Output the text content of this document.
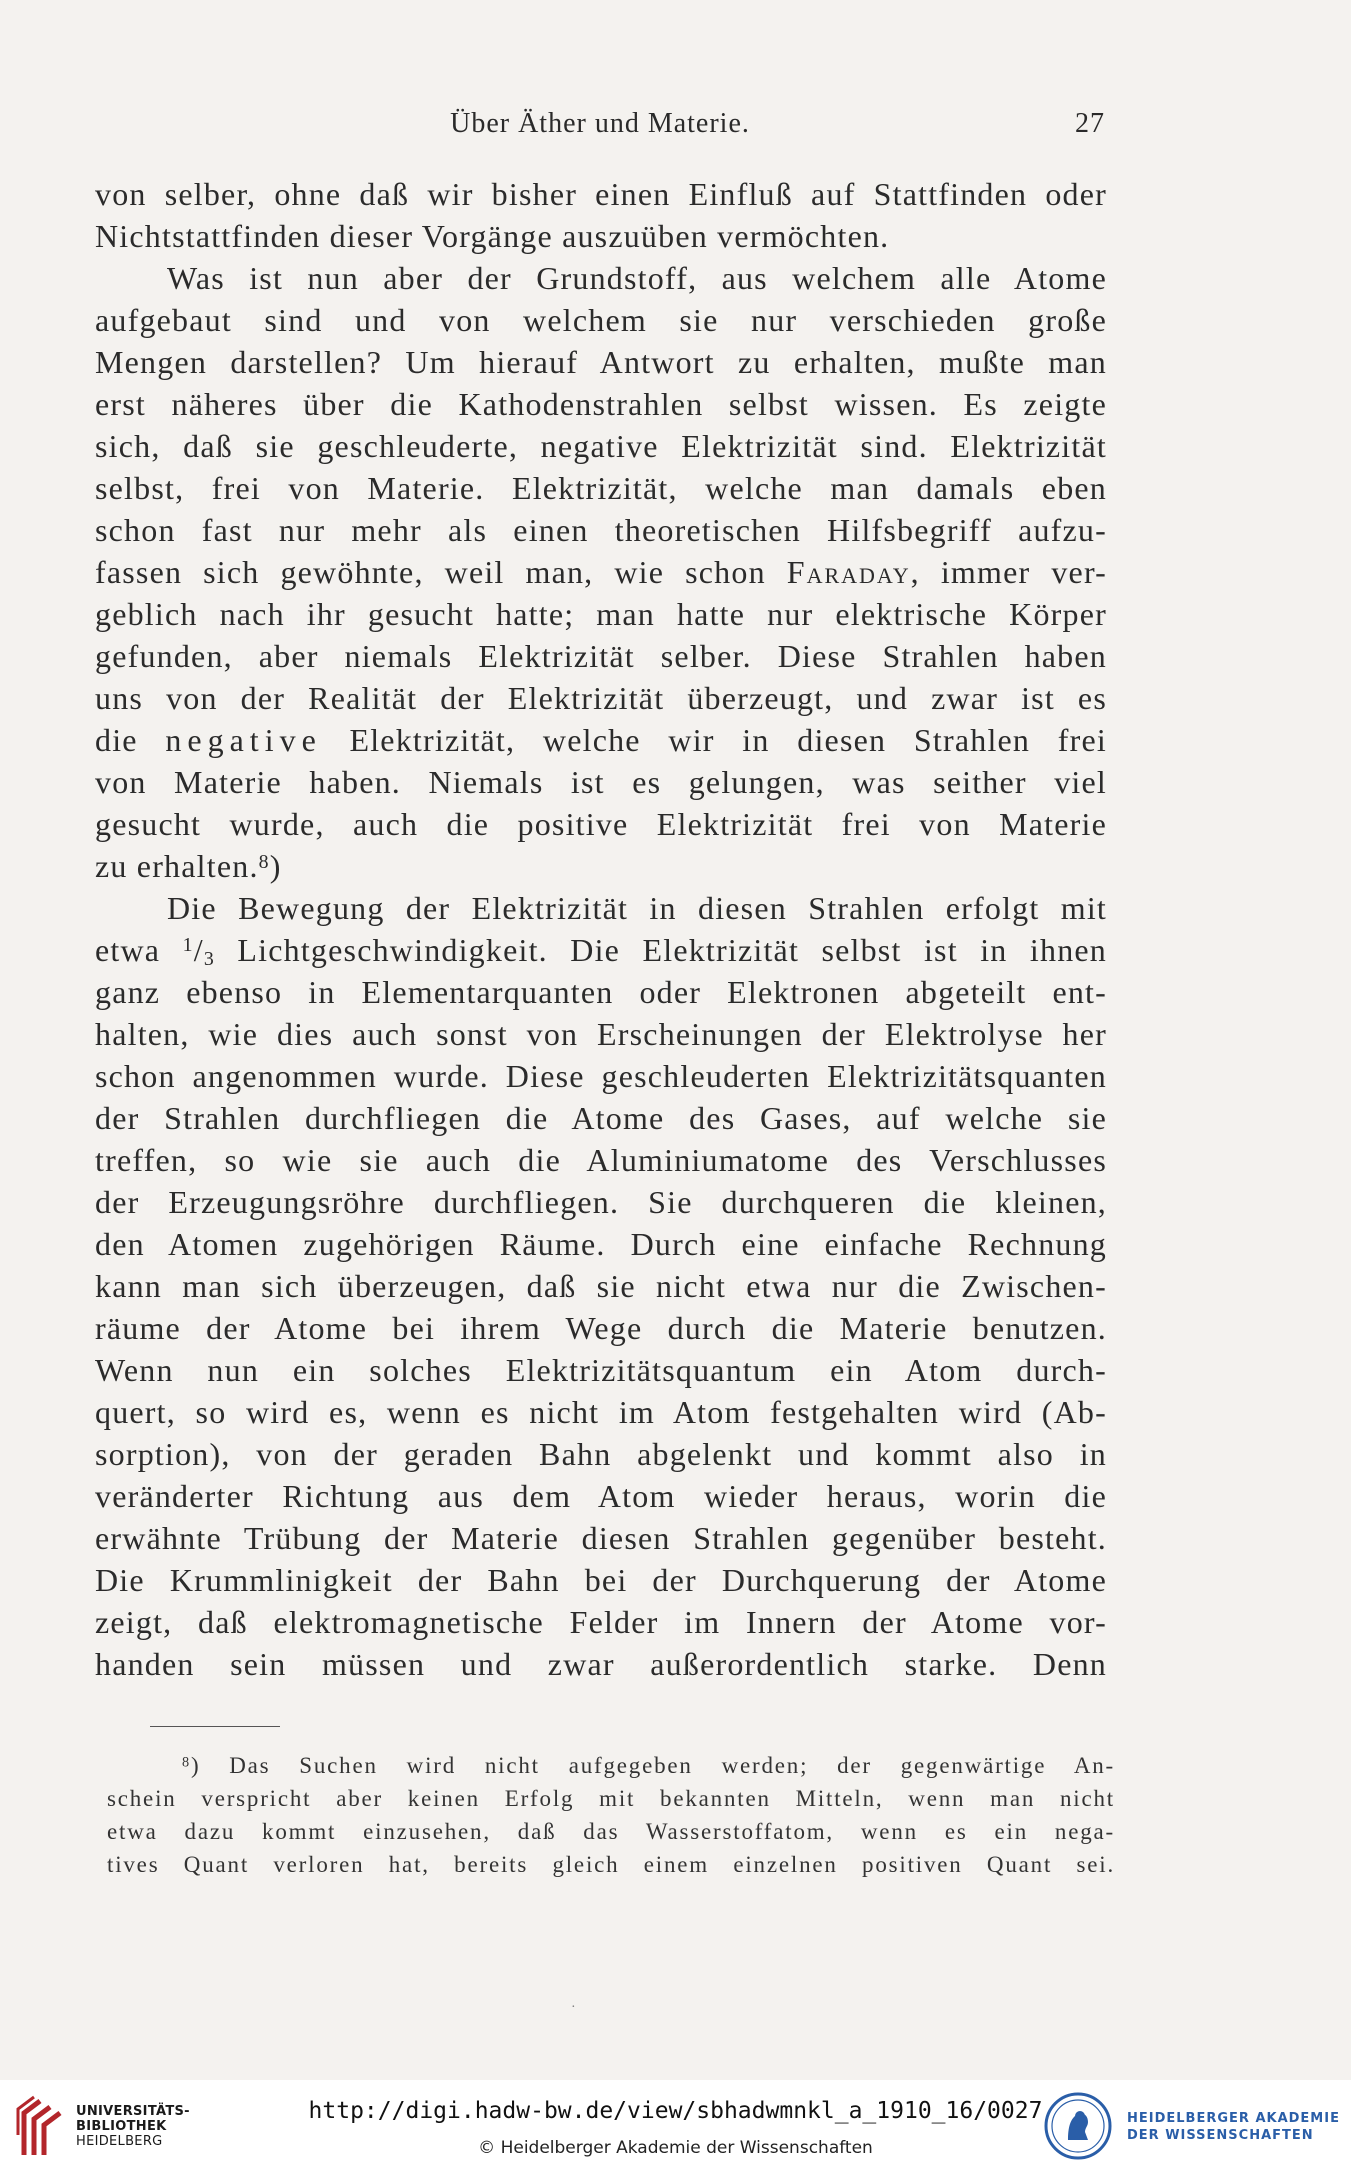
Über Äther und Materie.	27
von selber, ohne daß wir bisher einen Einfluß auf Stattfinden oder
Nichtstattfinden dieser Vorgänge auszuüben vermöchten.
Was ist nun aber der Grundstoff, aus welchem alle Atome
aufgebaut sind und von welchem sie nur verschieden große
Mengen darstellen? Um hierauf Antwort zu erhalten, mußte man
erst näheres über die Kathodenstrahlen selbst wissen. Es zeigte
sich, daß sie geschleuderte, negative Elektrizität sind. Elektrizität
selbst, frei von Materie. Elektrizität, welche man damals eben
schon fast nur mehr als einen theoretischen Hilfsbegriff aufzu-
fassen sich gewöhnte, weil man, wie schon Faraday, immer ver-
geblich nach ihr gesucht hatte; man hatte nur elektrische Körper
gefunden, aber niemals Elektrizität selber. Diese Strahlen haben
uns von der Realität der Elektrizität überzeugt, und zwar ist es
die negative Elektrizität, welche wir in diesen Strahlen frei
von Materie haben. Niemals ist es gelungen, was seither viel
gesucht wurde, auch die positive Elektrizität frei von Materie
zu erhalten.$^8$)
Die Bewegung der Elektrizität in diesen Strahlen erfolgt mit
etwa $^1/_3$ Lichtgeschwindigkeit. Die Elektrizität selbst ist in ihnen
ganz ebenso in Elementarquanten oder Elektronen abgeteilt ent-
halten, wie dies auch sonst von Erscheinungen der Elektrolyse her
schon angenommen wurde. Diese geschleuderten Elektrizitätsquanten
der Strahlen durchfliegen die Atome des Gases, auf welche sie
treffen, so wie sie auch die Aluminiumatome des Verschlusses
der Erzeugungsröhre durchfliegen. Sie durchqueren die kleinen,
den Atomen zugehörigen Räume. Durch eine einfache Rechnung
kann man sich überzeugen, daß sie nicht etwa nur die Zwischen-
räume der Atome bei ihrem Wege durch die Materie benutzen.
Wenn nun ein solches Elektrizitätsquantum ein Atom durch-
quert, so wird es, wenn es nicht im Atom festgehalten wird (Ab-
sorption), von der geraden Bahn abgelenkt und kommt also in
veränderter Richtung aus dem Atom wieder heraus, worin die
erwähnte Trübung der Materie diesen Strahlen gegenüber besteht.
Die Krummlinigkeit der Bahn bei der Durchquerung der Atome
zeigt, daß elektromagnetische Felder im Innern der Atome vor-
handen sein müssen und zwar außerordentlich starke. Denn
$^8$) Das Suchen wird nicht aufgegeben werden; der gegenwärtige An-
schein verspricht aber keinen Erfolg mit bekannten Mitteln, wenn man nicht
etwa dazu kommt einzusehen, daß das Wasserstoffatom, wenn es ein nega-
tives Quant verloren hat, bereits gleich einem einzelnen positiven Quant sei.
·
UNIVERSITÄTS-
BIBLIOTHEK
HEIDELBERG
http://digi.hadw-bw.de/view/sbhadwmnkl_a_1910_16/0027
© Heidelberger Akademie der Wissenschaften
HEIDELBERGER AKADEMIE
DER WISSENSCHAFTEN
